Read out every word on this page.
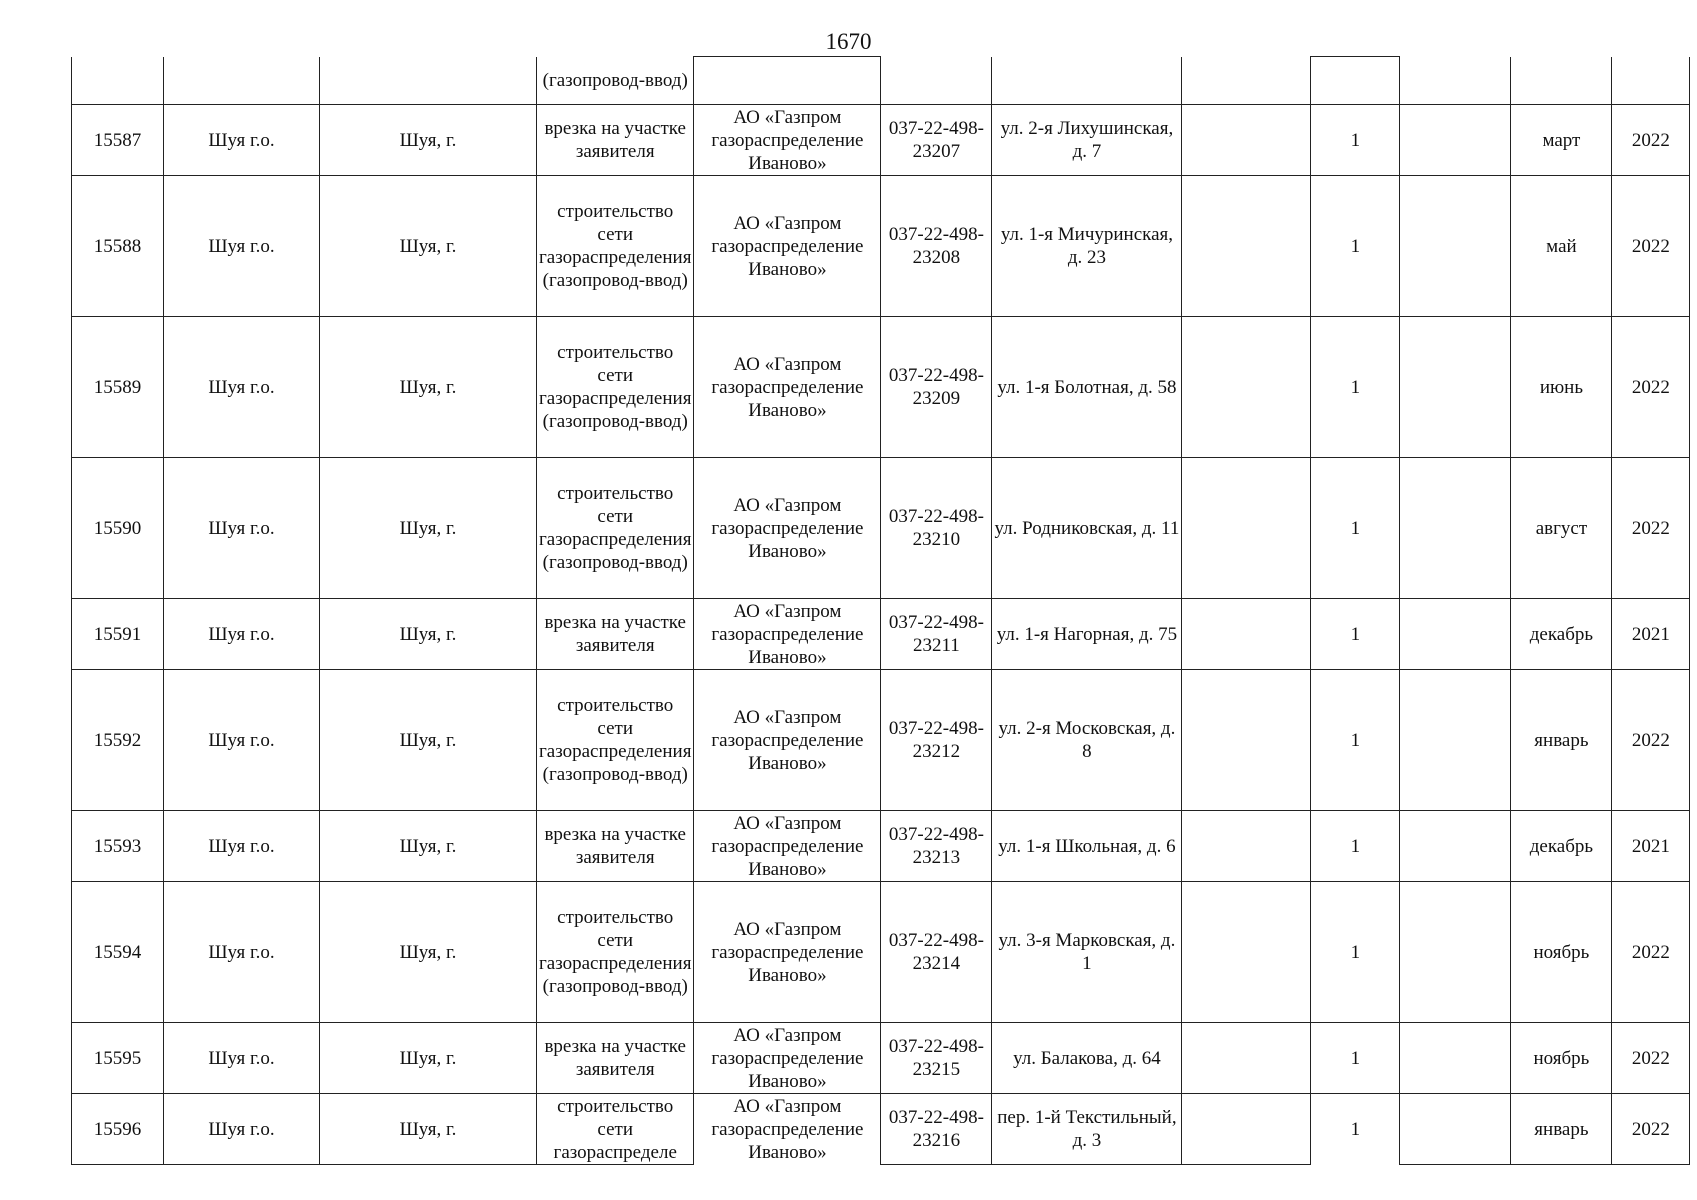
1670
			(газопровод-ввод)								
15587	Шуя г.о.	Шуя, г.	врезка на участке заявителя	АО «Газпром газораспределение Иваново»	037-22-498-23207	ул. 2-я Лихушинская, д. 7		1		март	2022
15588	Шуя г.о.	Шуя, г.	строительство сети газораспределения (газопровод-ввод)	АО «Газпром газораспределение Иваново»	037-22-498-23208	ул. 1-я Мичуринская, д. 23		1		май	2022
15589	Шуя г.о.	Шуя, г.	строительство сети газораспределения (газопровод-ввод)	АО «Газпром газораспределение Иваново»	037-22-498-23209	ул. 1-я Болотная, д. 58		1		июнь	2022
15590	Шуя г.о.	Шуя, г.	строительство сети газораспределения (газопровод-ввод)	АО «Газпром газораспределение Иваново»	037-22-498-23210	ул. Родниковская, д. 11		1		август	2022
15591	Шуя г.о.	Шуя, г.	врезка на участке заявителя	АО «Газпром газораспределение Иваново»	037-22-498-23211	ул. 1-я Нагорная, д. 75		1		декабрь	2021
15592	Шуя г.о.	Шуя, г.	строительство сети газораспределения (газопровод-ввод)	АО «Газпром газораспределение Иваново»	037-22-498-23212	ул. 2-я Московская, д. 8		1		январь	2022
15593	Шуя г.о.	Шуя, г.	врезка на участке заявителя	АО «Газпром газораспределение Иваново»	037-22-498-23213	ул. 1-я Школьная, д. 6		1		декабрь	2021
15594	Шуя г.о.	Шуя, г.	строительство сети газораспределения (газопровод-ввод)	АО «Газпром газораспределение Иваново»	037-22-498-23214	ул. 3-я Марковская, д. 1		1		ноябрь	2022
15595	Шуя г.о.	Шуя, г.	врезка на участке заявителя	АО «Газпром газораспределение Иваново»	037-22-498-23215	ул. Балакова, д. 64		1		ноябрь	2022
15596	Шуя г.о.	Шуя, г.	строительство сети газораспределе	АО «Газпром газораспределение Иваново»	037-22-498-23216	пер. 1-й Текстильный, д. 3		1		январь	2022
